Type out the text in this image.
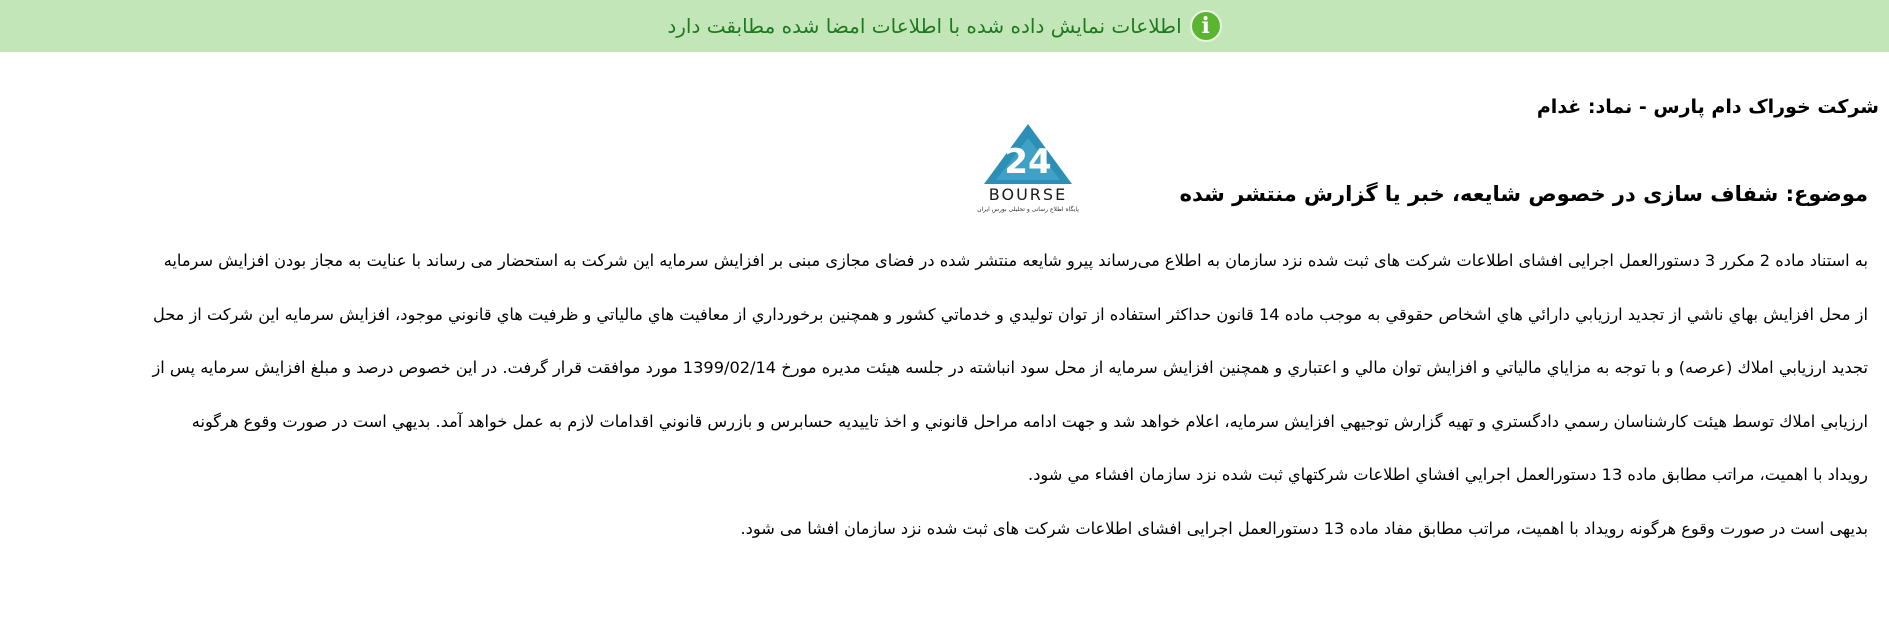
i
اطلاعات نمایش داده شده با اطلاعات امضا شده مطابقت دارد
شرکت خوراک دام پارس - نماد: غدام
24
BOURSE
پایگاه اطلاع رسانی و تحلیلی بورس ایران
موضوع: شفاف سازی در خصوص شایعه، خبر یا گزارش منتشر شده
به استناد ماده 2 مکرر 3 دستورالعمل اجرایی افشای اطلاعات شرکت های ثبت شده نزد سازمان به اطلاع می‌رساند پیرو شایعه منتشر شده در فضای مجازی مبنی بر افزایش سرمایه این شرکت به استحضار می رساند با عنایت به مجاز بودن افزایش سرمایه
از محل افزايش بهاي ناشي از تجديد ارزيابي دارائي هاي اشخاص حقوقي به موجب ماده 14 قانون حداكثر استفاده از توان توليدي و خدماتي كشور و همچنين برخورداري از معافيت هاي مالياتي و ظرفيت هاي قانوني موجود، افزايش سرمايه اين شركت از محل
تجديد ارزيابي املاك (عرصه) و با توجه به مزاياي مالياتي و افزايش توان مالي و اعتباري و همچنين افزايش سرمايه از محل سود انباشته در جلسه هيئت مديره مورخ 1399/02/14 مورد موافقت قرار گرفت. در اين خصوص درصد و مبلغ افزايش سرمايه پس از
ارزيابي املاك توسط هيئت كارشناسان رسمي دادگستري و تهيه گزارش توجيهي افزايش سرمايه، اعلام خواهد شد و جهت ادامه مراحل قانوني و اخذ تاييديه حسابرس و بازرس قانوني اقدامات لازم به عمل خواهد آمد. بديهي است در صورت وقوع هرگونه
رويداد با اهميت، مراتب مطابق ماده 13 دستورالعمل اجرايي افشاي اطلاعات شركتهاي ثبت شده نزد سازمان افشاء مي شود.
بدیهی است در صورت وقوع هرگونه رویداد با اهمیت، مراتب مطابق مفاد ماده 13 دستورالعمل اجرایی افشای اطلاعات شرکت های ثبت شده نزد سازمان افشا می شود.
